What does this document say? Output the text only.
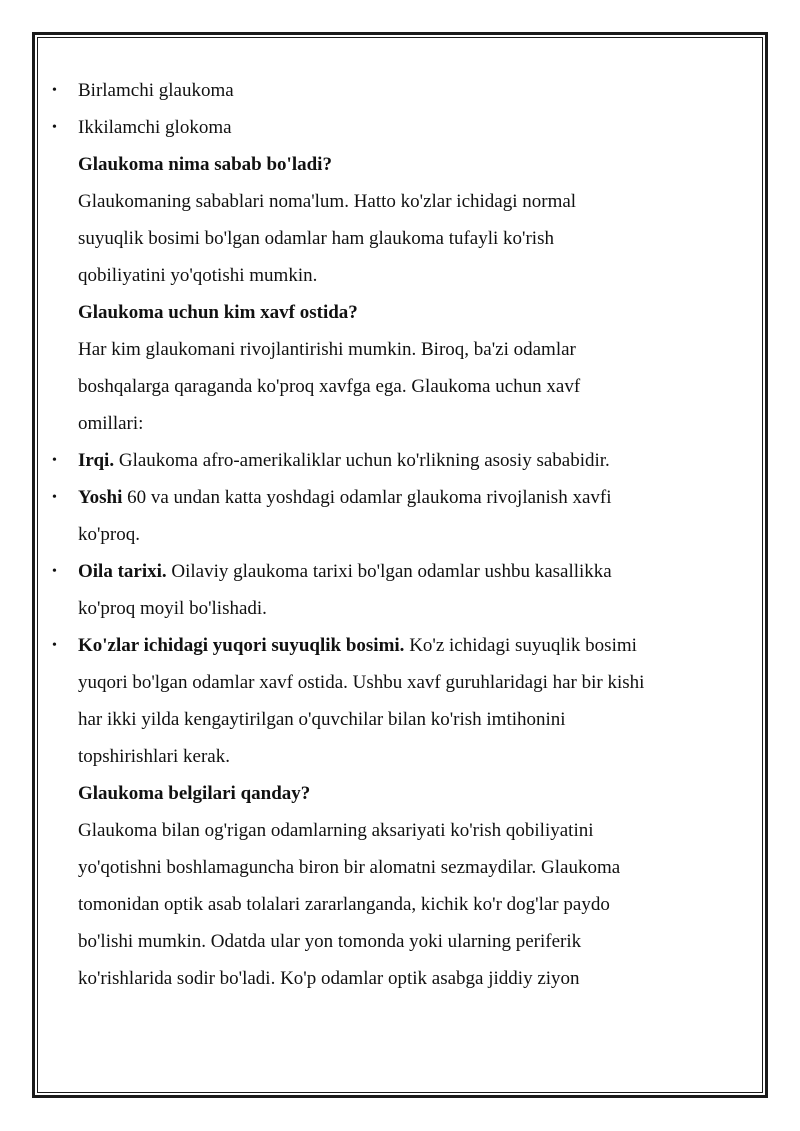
• Birlamchi glaukoma
• Ikkilamchi glokoma
Glaukoma nima sabab bo'ladi?
Glaukomaning sabablari noma'lum. Hatto ko'zlar ichidagi normal
suyuqlik bosimi bo'lgan odamlar ham glaukoma tufayli ko'rish
qobiliyatini yo'qotishi mumkin.
Glaukoma uchun kim xavf ostida?
Har kim glaukomani rivojlantirishi mumkin. Biroq, ba'zi odamlar
boshqalarga qaraganda ko'proq xavfga ega. Glaukoma uchun xavf
omillari:
• Irqi. Glaukoma afro-amerikaliklar uchun ko'rlikning asosiy sababidir.
• Yoshi 60 va undan katta yoshdagi odamlar glaukoma rivojlanish xavfi
ko'proq.
• Oila tarixi. Oilaviy glaukoma tarixi bo'lgan odamlar ushbu kasallikka
ko'proq moyil bo'lishadi.
• Ko'zlar ichidagi yuqori suyuqlik bosimi. Ko'z ichidagi suyuqlik bosimi
yuqori bo'lgan odamlar xavf ostida. Ushbu xavf guruhlaridagi har bir kishi
har ikki yilda kengaytirilgan o'quvchilar bilan ko'rish imtihonini
topshirishlari kerak.
Glaukoma belgilari qanday?
Glaukoma bilan og'rigan odamlarning aksariyati ko'rish qobiliyatini
yo'qotishni boshlamaguncha biron bir alomatni sezmaydilar. Glaukoma
tomonidan optik asab tolalari zararlanganda, kichik ko'r dog'lar paydo
bo'lishi mumkin. Odatda ular yon tomonda yoki ularning periferik
ko'rishlarida sodir bo'ladi. Ko'p odamlar optik asabga jiddiy ziyon
